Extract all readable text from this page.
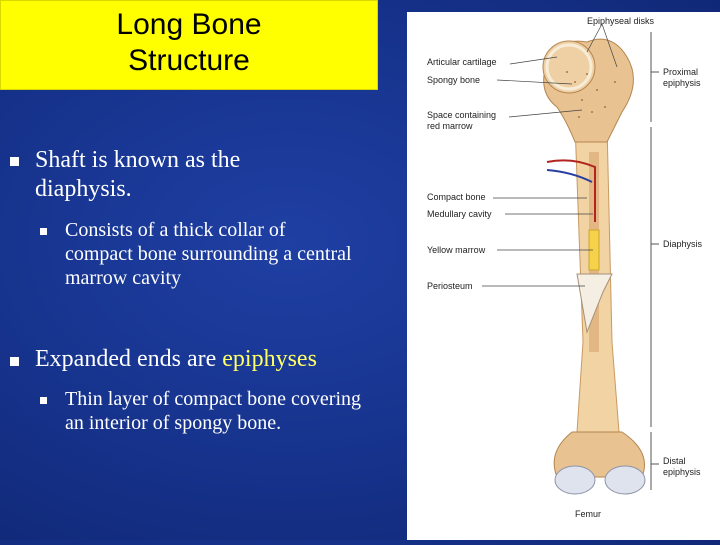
Long Bone
Structure
Shaft is known as the
diaphysis.
Consists of a thick collar of compact bone surrounding a central marrow cavity
Expanded ends are epiphyses
Thin layer of compact bone covering an interior of spongy bone.
Articular cartilage
Spongy bone
Space containing
red marrow
Compact bone
Medullary cavity
Yellow marrow
Periosteum
Proximal
epiphysis
Diaphysis
Distal
epiphysis
Epiphyseal disks
Femur
